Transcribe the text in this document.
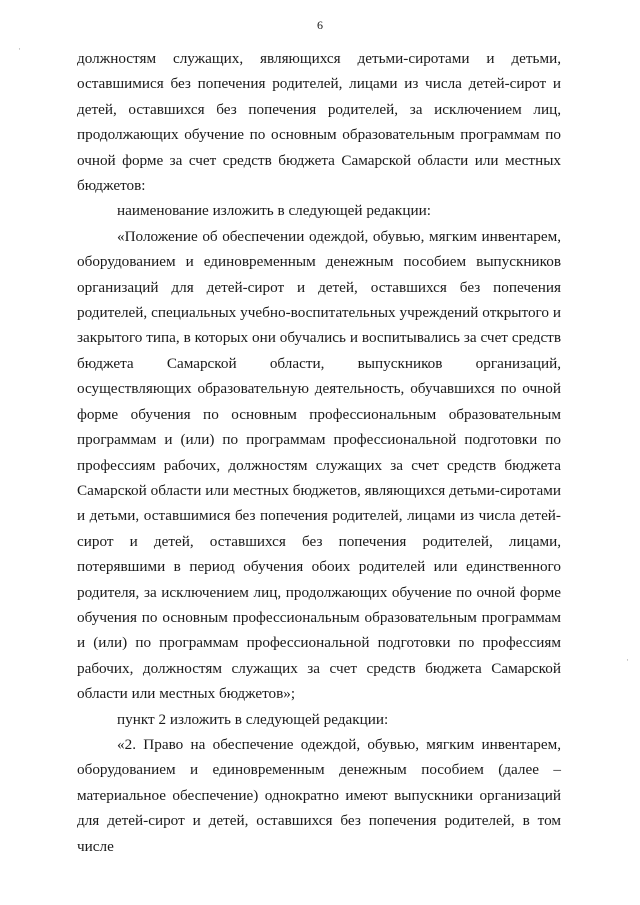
6

должностям служащих, являющихся детьми-сиротами и детьми, оставшимися без попечения родителей, лицами из числа детей-сирот и детей, оставшихся без попечения родителей, за исключением лиц, продолжающих обучение по основным образовательным программам по очной форме за счет средств бюджета Самарской области или местных бюджетов:

наименование изложить в следующей редакции:

«Положение об обеспечении одеждой, обувью, мягким инвентарем, оборудованием и единовременным денежным пособием выпускников организаций для детей-сирот и детей, оставшихся без попечения родителей, специальных учебно-воспитательных учреждений открытого и закрытого типа, в которых они обучались и воспитывались за счет средств бюджета Самарской области, выпускников организаций, осуществляющих образовательную деятельность, обучавшихся по очной форме обучения по основным профессиональным образовательным программам и (или) по программам профессиональной подготовки по профессиям рабочих, должностям служащих за счет средств бюджета Самарской области или местных бюджетов, являющихся детьми-сиротами и детьми, оставшимися без попечения родителей, лицами из числа детей-сирот и детей, оставшихся без попечения родителей, лицами, потерявшими в период обучения обоих родителей или единственного родителя, за исключением лиц, продолжающих обучение по очной форме обучения по основным профессиональным образовательным программам и (или) по программам профессиональной подготовки по профессиям рабочих, должностям служащих за счет средств бюджета Самарской области или местных бюджетов»;

пункт 2 изложить в следующей редакции:

«2. Право на обеспечение одеждой, обувью, мягким инвентарем, оборудованием и единовременным денежным пособием (далее – материальное обеспечение) однократно имеют выпускники организаций для детей-сирот и детей, оставшихся без попечения родителей, в том числе

·
·
